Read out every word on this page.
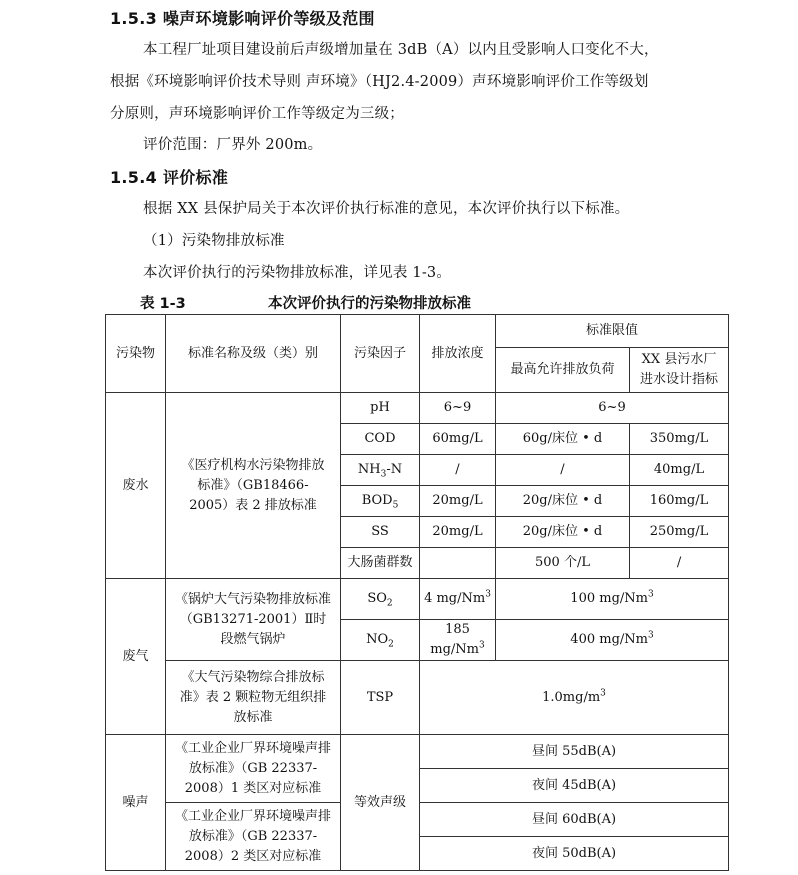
1.5.3 噪声环境影响评价等级及范围
本工程厂址项目建设前后声级增加量在 3dB（A）以内且受影响人口变化不大，
根据《环境影响评价技术导则 声环境》（HJ2.4-2009）声环境影响评价工作等级划
分原则，声环境影响评价工作等级定为三级；
评价范围：厂界外 200m。
1.5.4 评价标准
根据 XX 县保护局关于本次评价执行标准的意见，本次评价执行以下标准。
（1）污染物排放标准
本次评价执行的污染物排放标准，详见表 1-3。
表 1-3	本次评价执行的污染物排放标准
污染物	标准名称及级（类）别	污染因子	排放浓度	标准限值	
				最高允许排放负荷	XX 县污水厂
进水设计指标
废水	《医疗机构水污染物排放标准》（GB18466-2005）表 2 排放标准	pH	6~9	6~9	
		COD	60mg/L	60g/床位 • d	350mg/L
		$NH_3-N$	/	/	40mg/L
		$BOD_5$	20mg/L	20g/床位 • d	160mg/L
		SS	20mg/L	20g/床位 • d	250mg/L
		大肠菌群数		500 个/L	/
废气	《锅炉大气污染物排放标准（GB13271-2001）Ⅱ时段燃气锅炉	$SO_2$	4 mg/Nm$^3$	100 mg/Nm$^3$
		$NO_2$	185 mg/Nm$^3$	400 mg/Nm$^3$
	《大气污染物综合排放标准》表 2 颗粒物无组织排放标准	TSP	$1.0mg/m^3$
噪声	《工业企业厂界环境噪声排放标准》（GB 22337-2008）1 类区对应标准	等效声级	昼间 55dB(A)		
			夜间 45dB(A)		
	《工业企业厂界环境噪声排放标准》（GB 22337-2008）2 类区对应标准		昼间 60dB(A)		
			夜间 50dB(A)		
